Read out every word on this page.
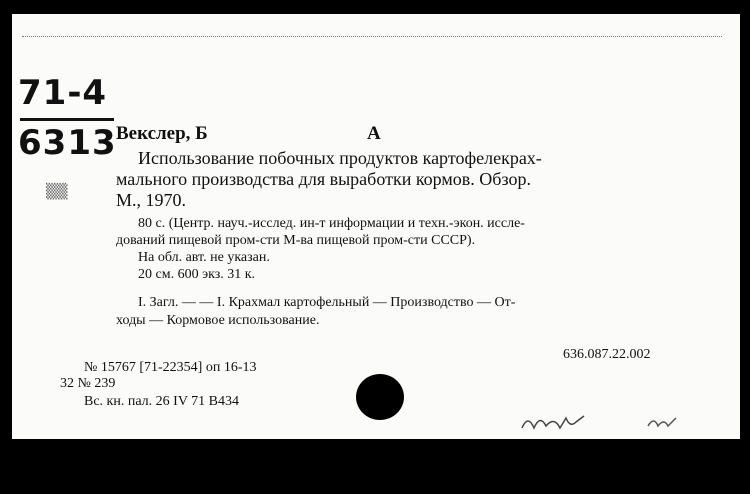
71-4
6313
▒▒
Векслер, Б	А
Использование побочных продуктов картофелекрах-
мального производства для выработки кормов. Обзор.
М., 1970.
80 с. (Центр. науч.-исслед. ин-т информации и техн.-экон. иссле-
дований пищевой пром-сти М-ва пищевой пром-сти СССР).
На обл. авт. не указан.
20 см. 600 экз. 31 к.
I. Загл. — — I. Крахмал картофельный — Производство — От-
ходы — Кормовое использование.
636.087.22.002
№ 15767 [71-22354] оп 16-13
32 № 239
Вс. кн. пал. 26 IV 71 В434
